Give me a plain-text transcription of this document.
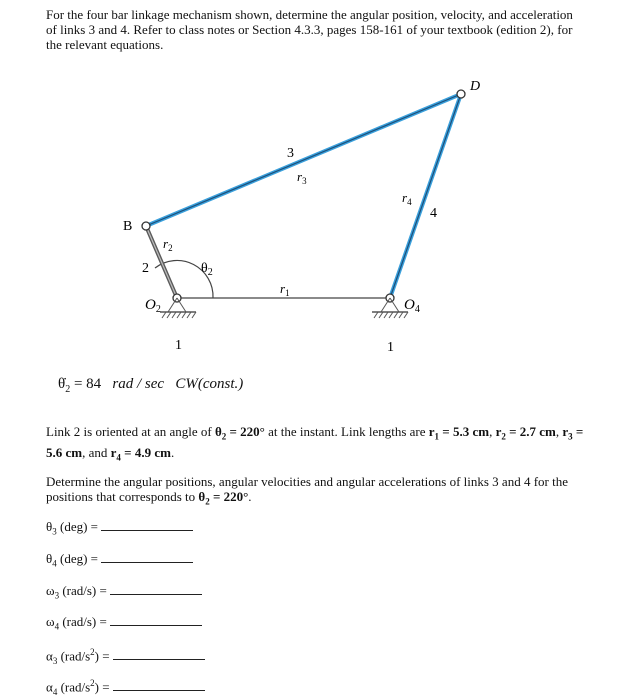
For the four bar linkage mechanism shown, determine the angular position, velocity, and acceleration of links 3 and 4. Refer to class notes or Section 4.3.3, pages 158-161 of your textbook (edition 2), for the relevant equations.

B
D
3
$r_3$
$r_4$
4
$r_2$
2	$\theta_2$
$r_1$
$O_2$	$O_4$
1	1
$\thetȧ_2 = 84$ rad / sec CW(const.)

Link 2 is oriented at an angle of $\theta_2 = 220^\circ$ at the instant. Link lengths are $r_1 = 5.3$ cm, $r_2 = 2.7$ cm, $r_3 = 5.6$ cm, and $r_4 = 4.9$ cm.

Determine the angular positions, angular velocities and angular accelerations of links 3 and 4 for the positions that corresponds to $\theta_2 = 220^\circ$.

$\theta_3$ (deg) =
$\theta_4$ (deg) =
$\omega_3$ (rad/s) =
$\omega_4$ (rad/s) =
$\alpha_3$ $(rad/s^2)$ =
$\alpha_4$ $(rad/s^2)$ =
